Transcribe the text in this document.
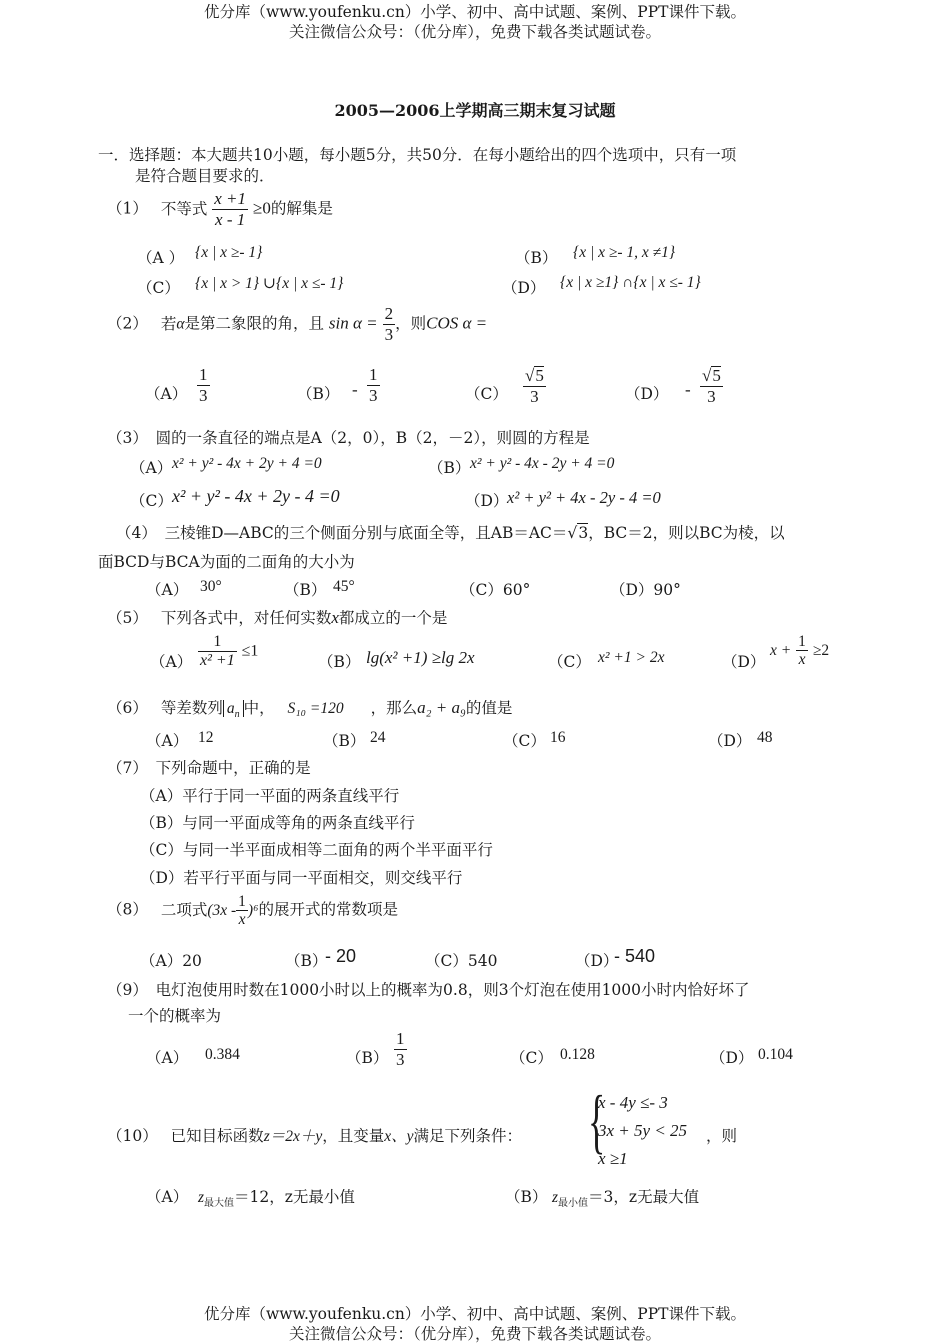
优分库（www.youfenku.cn）小学、初中、高中试题、案例、PPT课件下载。
关注微信公众号：（优分库），免费下载各类试题试卷。
2005—2006上学期高三期末复习试题
一．选择题：本大题共10小题，每小题5分，共50分．在每小题给出的四个选项中，只有一项
是符合题目要求的．
（1） 不等式 $\frac{x +1}{x - 1} \ge 0$的解集是
（A ） {x | x ≥- 1}	（B） {x | x ≥- 1, x ≠1}
（C） {x | x > 1} ∪{x | x ≤- 1}	（D） {x | x ≥1} ∩{x | x ≤- 1}
（2） 若α是第二象限的角，且 $\sin \alpha = \frac{2}{3}$ ，则COS α =
$(A) \frac{1}{3}$	$(B) - \frac{1}{3}$	$(C) \frac{√5}{3}$	$(D) - \frac{√5}{3}$
（3）　圆的一条直径的端点是A（2，0），B（2，－2），则圆的方程是
（A） x² + y² - 4x + 2y + 4 =0	（B） x² + y² - 4x - 2y + 4 =0
（C） x² + y² - 4x + 2y - 4 =0	（D）
x² + y² + 4x - 2y - 4 =0
（4）　三棱锥D—ABC的三个侧面分别与底面全等，且AB＝AC＝√3，BC＝2，则以BC为棱，以
面BCD与BCA为面的二面角的大小为
（A） 30°	（B） 45°	（C）60°	（D）90°
（5） 下列各式中，对任何实数x都成立的一个是
$(A) \frac{1}{\text{x² +1}} \le 1$
（B） lg(x² +1) ≥lg 2x	（C） x² +1 > 2x	（D）
$x + \frac{1}{x} \ge 2$
（6） 等差数列 $a_n$ 中， S₁₀ =120 ，那么a₂ + a₉的值是
（A） 12	（B） 24	（C） 16	（D） 48
（7）　下列命题中，正确的是
（A）平行于同一平面的两条直线平行
（B）与同一平面成等角的两条直线平行
（C）与同一半平面成相等二面角的两个半平面平行
（D）若平行平面与同一平面相交，则交线平行
（8） 二项式$(3x - \frac{1}{x} )^6$的展开式的常数项是
（A）20	（B）
- 20	（C）540	（D）
- 540
（9）　电灯泡使用时数在1000小时以上的概率为0.8，则3个灯泡在使用1000小时内恰好坏了
一个的概率为
（A） 0.384	$(B) \frac{1}{3}$	（C） 0.128	（D） 0.104
（10） 已知目标函数z＝2x＋y，且变量x、y满足下列条件： {
x - 4y ≤- 3
3x + 5y < 25
x ≥1
，则
（A） $z_{最大值}=12$，z无最小值	（B） $z_{最小值}=3$，z无最大值
优分库（www.youfenku.cn）小学、初中、高中试题、案例、PPT课件下载。
关注微信公众号：（优分库），免费下载各类试题试卷。
